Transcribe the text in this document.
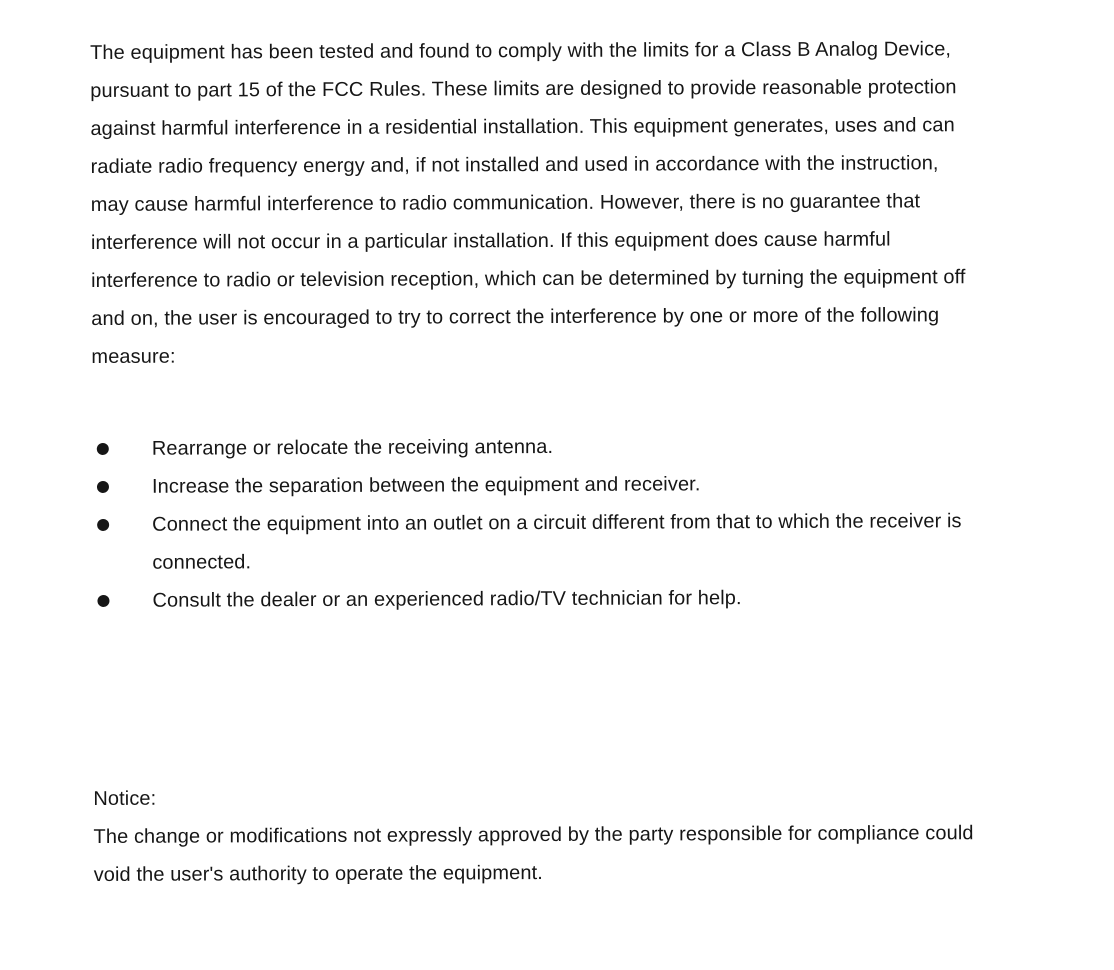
The equipment has been tested and found to comply with the limits for a Class B Analog Device,
pursuant to part 15 of the FCC Rules. These limits are designed to provide reasonable protection
against harmful interference in a residential installation. This equipment generates, uses and can
radiate radio frequency energy and, if not installed and used in accordance with the instruction,
may cause harmful interference to radio communication. However, there is no guarantee that
interference will not occur in a particular installation. If this equipment does cause harmful
interference to radio or television reception, which can be determined by turning the equipment off
and on, the user is encouraged to try to correct the interference by one or more of the following
measure:
Rearrange or relocate the receiving antenna.
Increase the separation between the equipment and receiver.
Connect the equipment into an outlet on a circuit different from that to which the receiver is
connected.
Consult the dealer or an experienced radio/TV technician for help.
Notice:
The change or modifications not expressly approved by the party responsible for compliance could
void the user's authority to operate the equipment.
